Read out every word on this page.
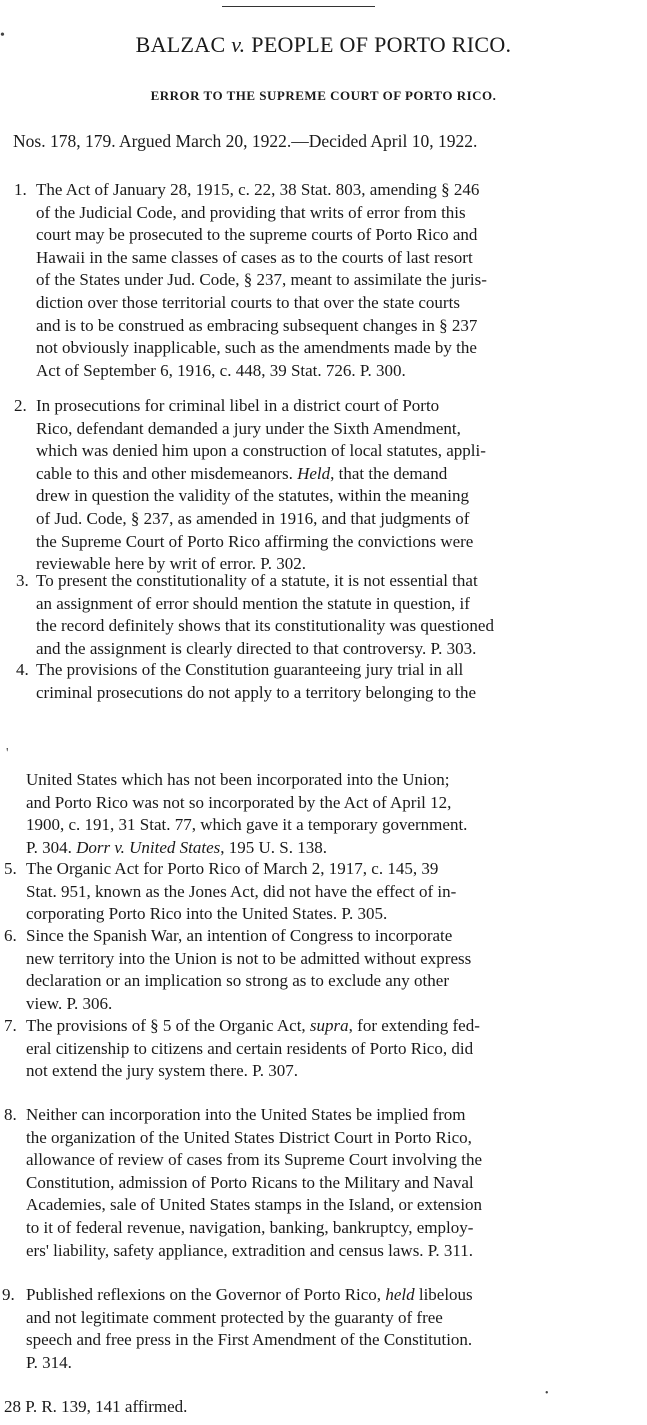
BALZAC v. PEOPLE OF PORTO RICO.
ERROR TO THE SUPREME COURT OF PORTO RICO.
Nos. 178, 179. Argued March 20, 1922.—Decided April 10, 1922.
1. The Act of January 28, 1915, c. 22, 38 Stat. 803, amending § 246
of the Judicial Code, and providing that writs of error from this
court may be prosecuted to the supreme courts of Porto Rico and
Hawaii in the same classes of cases as to the courts of last resort
of the States under Jud. Code, § 237, meant to assimilate the juris-
diction over those territorial courts to that over the state courts
and is to be construed as embracing subsequent changes in § 237
not obviously inapplicable, such as the amendments made by the
Act of September 6, 1916, c. 448, 39 Stat. 726. P. 300.
2. In prosecutions for criminal libel in a district court of Porto
Rico, defendant demanded a jury under the Sixth Amendment,
which was denied him upon a construction of local statutes, appli-
cable to this and other misdemeanors. Held, that the demand
drew in question the validity of the statutes, within the meaning
of Jud. Code, § 237, as amended in 1916, and that judgments of
the Supreme Court of Porto Rico affirming the convictions were
reviewable here by writ of error. P. 302.
3. To present the constitutionality of a statute, it is not essential that
an assignment of error should mention the statute in question, if
the record definitely shows that its constitutionality was questioned
and the assignment is clearly directed to that controversy. P. 303.
4. The provisions of the Constitution guaranteeing jury trial in all
criminal prosecutions do not apply to a territory belonging to the
United States which has not been incorporated into the Union;
and Porto Rico was not so incorporated by the Act of April 12,
1900, c. 191, 31 Stat. 77, which gave it a temporary government.
P. 304. Dorr v. United States, 195 U. S. 138.
5. The Organic Act for Porto Rico of March 2, 1917, c. 145, 39
Stat. 951, known as the Jones Act, did not have the effect of in-
corporating Porto Rico into the United States. P. 305.
6. Since the Spanish War, an intention of Congress to incorporate
new territory into the Union is not to be admitted without express
declaration or an implication so strong as to exclude any other
view. P. 306.
7. The provisions of § 5 of the Organic Act, supra, for extending fed-
eral citizenship to citizens and certain residents of Porto Rico, did
not extend the jury system there. P. 307.
8. Neither can incorporation into the United States be implied from
the organization of the United States District Court in Porto Rico,
allowance of review of cases from its Supreme Court involving the
Constitution, admission of Porto Ricans to the Military and Naval
Academies, sale of United States stamps in the Island, or extension
to it of federal revenue, navigation, banking, bankruptcy, employ-
ers' liability, safety appliance, extradition and census laws. P. 311.
9. Published reflexions on the Governor of Porto Rico, held libelous
and not legitimate comment protected by the guaranty of free
speech and free press in the First Amendment of the Constitution.
P. 314.
28 P. R. 139, 141 affirmed.
•
'
•
